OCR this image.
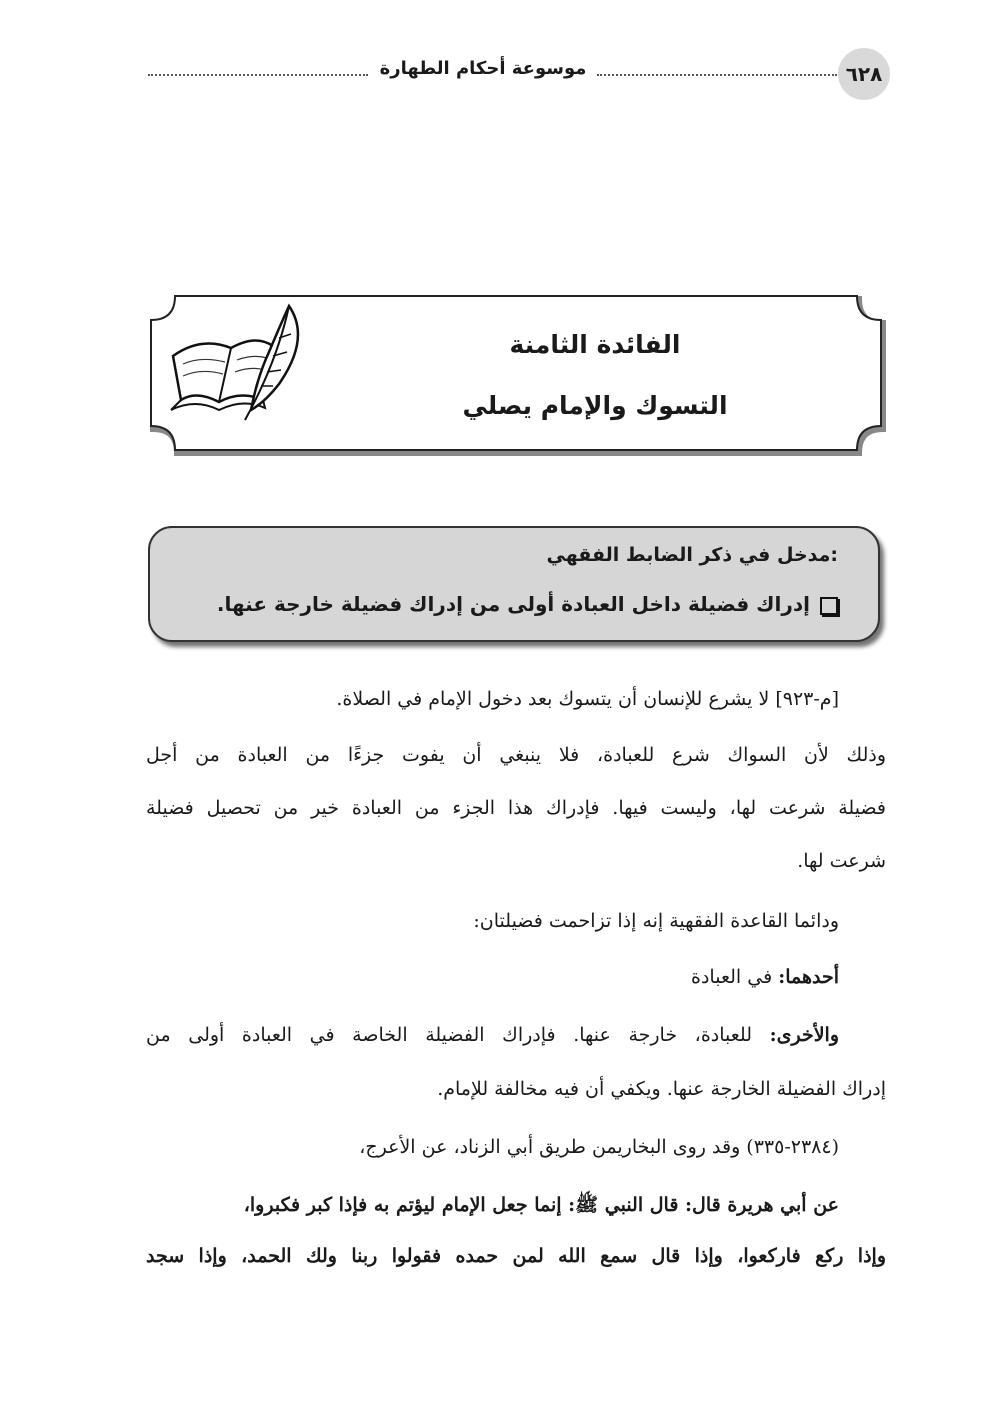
٦٢٨
موسوعة أحكام الطهارة
الفائدة الثامنة
التسوك والإمام يصلي
مدخل في ذكر الضابط الفقهي:
إدراك فضيلة داخل العبادة أولى من إدراك فضيلة خارجة عنها.
[م-٩٢٣] لا يشرع للإنسان أن يتسوك بعد دخول الإمام في الصلاة.
وذلك لأن السواك شرع للعبادة، فلا ينبغي أن يفوت جزءًا من العبادة من أجل
فضيلة شرعت لها، وليست فيها. فإدراك هذا الجزء من العبادة خير من تحصيل فضيلة
شرعت لها.
ودائما القاعدة الفقهية إنه إذا تزاحمت فضيلتان:
أحدهما: في العبادة
والأخرى: للعبادة، خارجة عنها. فإدراك الفضيلة الخاصة في العبادة أولى من
إدراك الفضيلة الخارجة عنها. ويكفي أن فيه مخالفة للإمام.
(٢٣٨٤-٣٣٥) وقد روى البخاريمن طريق أبي الزناد، عن الأعرج،
عن أبي هريرة قال: قال النبي ﷺ: إنما جعل الإمام ليؤتم به فإذا كبر فكبروا،
وإذا ركع فاركعوا، وإذا قال سمع الله لمن حمده فقولوا ربنا ولك الحمد، وإذا سجد
